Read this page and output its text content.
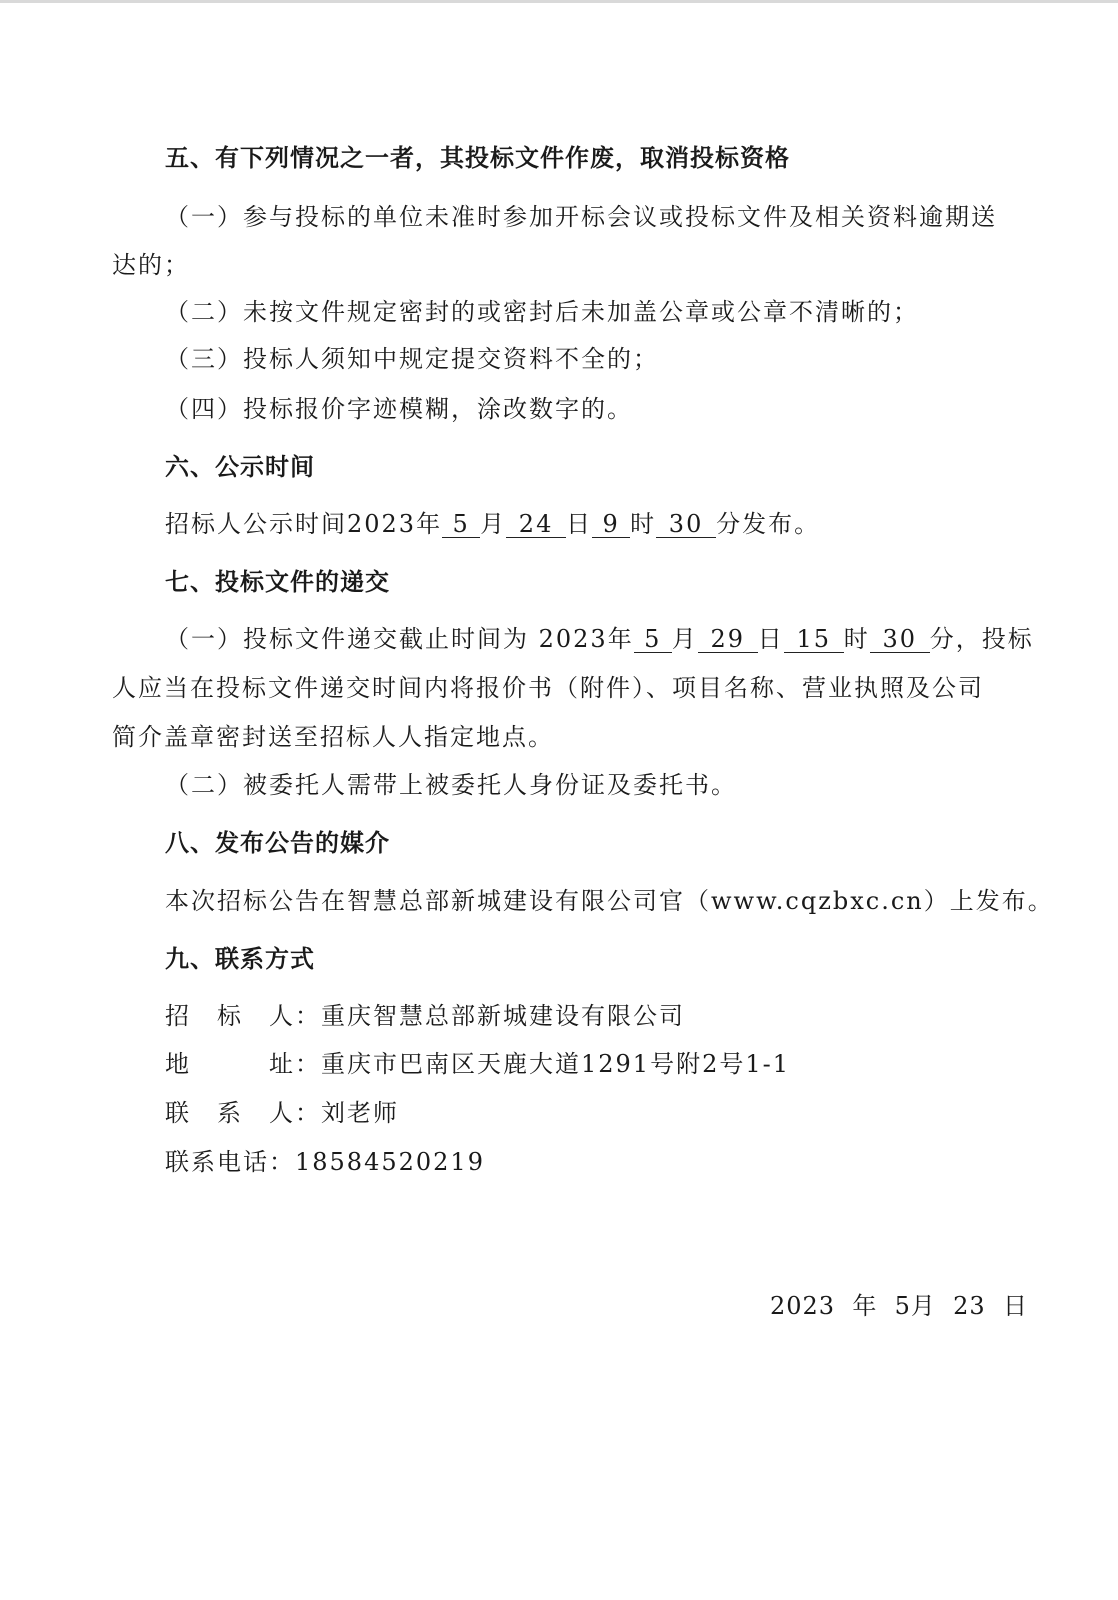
五、有下列情况之一者，其投标文件作废，取消投标资格
（一）参与投标的单位未准时参加开标会议或投标文件及相关资料逾期送
达的；
（二）未按文件规定密封的或密封后未加盖公章或公章不清晰的；
（三）投标人须知中规定提交资料不全的；
（四）投标报价字迹模糊，涂改数字的。
六、公示时间
招标人公示时间2023年 5 月 24 日 9 时 30 分发布。
七、投标文件的递交
（一）投标文件递交截止时间为 2023年 5 月 29 日 15 时 30 分，投标
人应当在投标文件递交时间内将报价书（附件）、项目名称、营业执照及公司
简介盖章密封送至招标人人指定地点。
（二）被委托人需带上被委托人身份证及委托书。
八、发布公告的媒介
本次招标公告在智慧总部新城建设有限公司官（www.cqzbxc.cn）上发布。
九、联系方式
招　标　人：重庆智慧总部新城建设有限公司
地　　　址：重庆市巴南区天鹿大道1291号附2号1-1
联　系　人：刘老师
联系电话：18584520219
2023 年 5月 23 日
